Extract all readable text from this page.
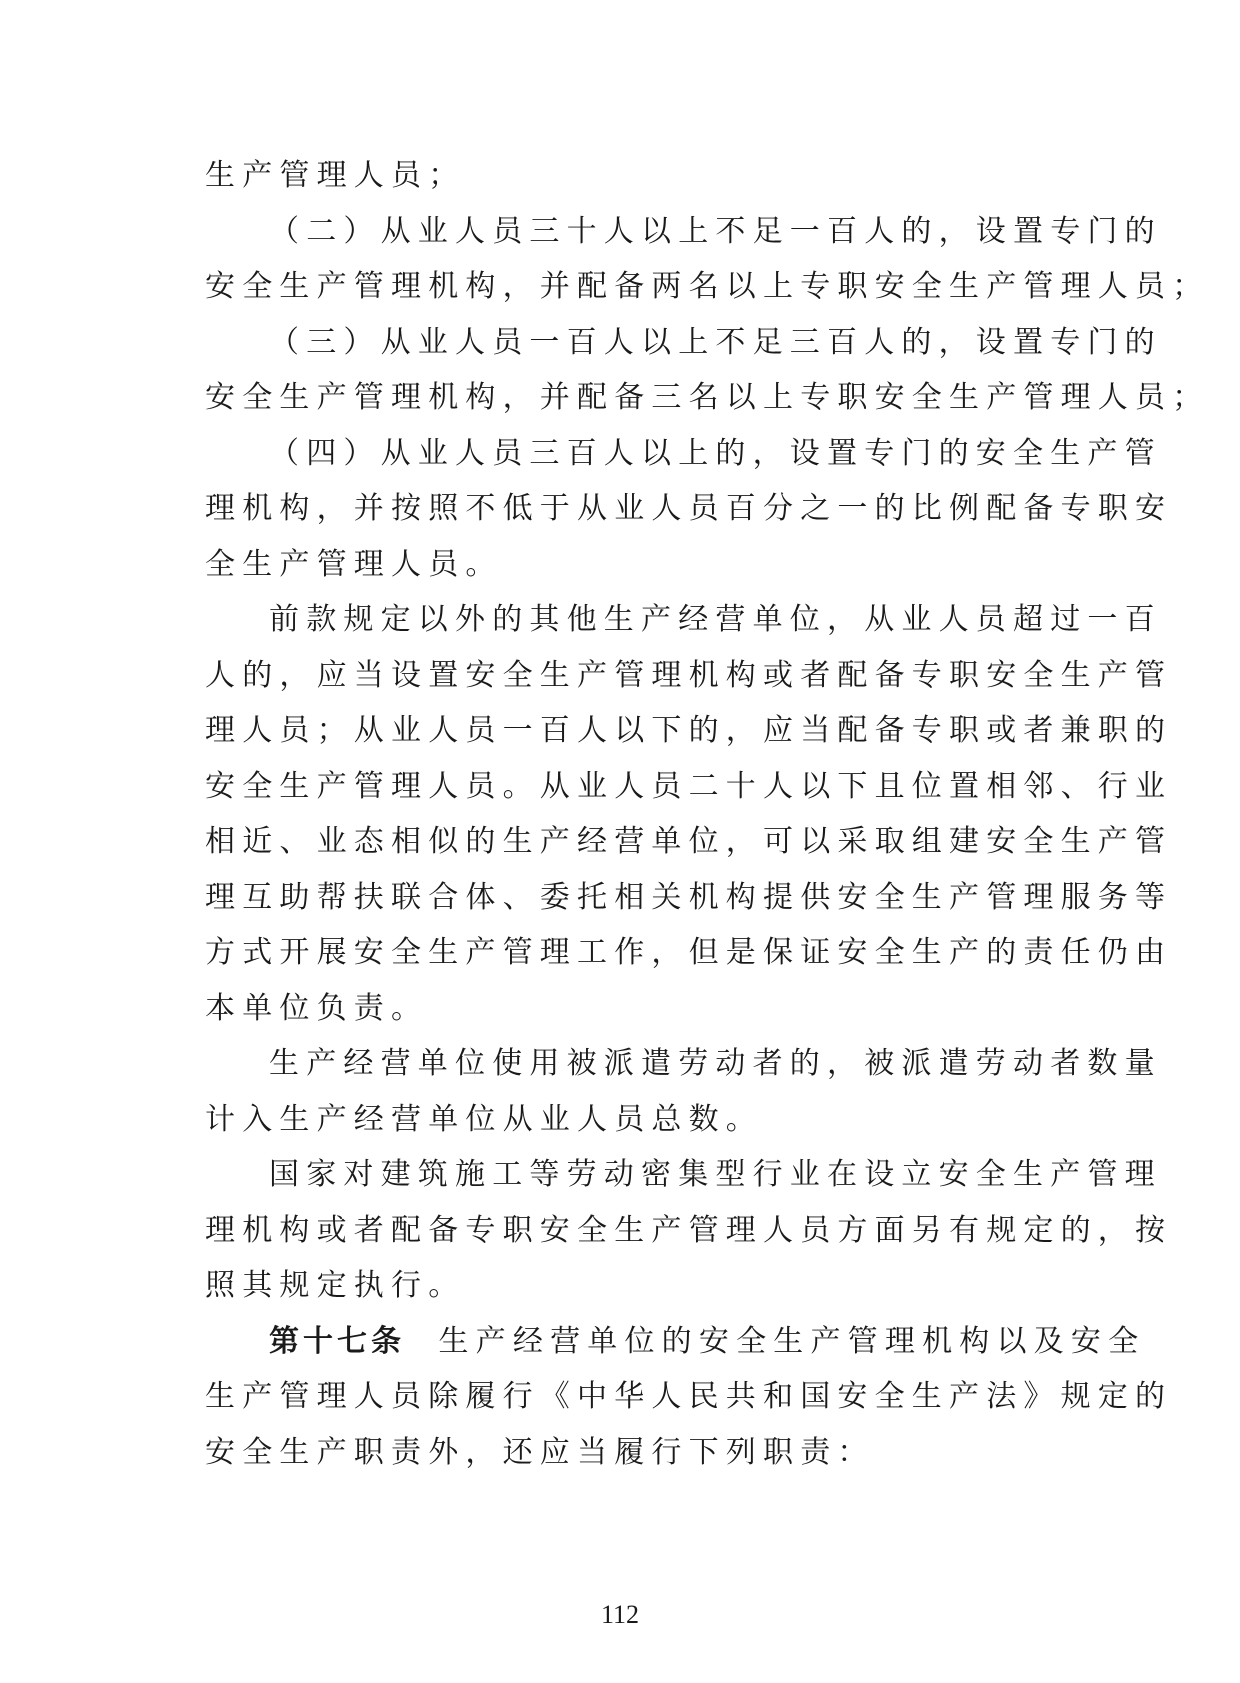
生产管理人员；
（二）从业人员三十人以上不足一百人的，设置专门的
安全生产管理机构，并配备两名以上专职安全生产管理人员；
（三）从业人员一百人以上不足三百人的，设置专门的
安全生产管理机构，并配备三名以上专职安全生产管理人员；
（四）从业人员三百人以上的，设置专门的安全生产管
理机构，并按照不低于从业人员百分之一的比例配备专职安
全生产管理人员。
前款规定以外的其他生产经营单位，从业人员超过一百
人的，应当设置安全生产管理机构或者配备专职安全生产管
理人员；从业人员一百人以下的，应当配备专职或者兼职的
安全生产管理人员。从业人员二十人以下且位置相邻、行业
相近、业态相似的生产经营单位，可以采取组建安全生产管
理互助帮扶联合体、委托相关机构提供安全生产管理服务等
方式开展安全生产管理工作，但是保证安全生产的责任仍由
本单位负责。
生产经营单位使用被派遣劳动者的，被派遣劳动者数量
计入生产经营单位从业人员总数。
国家对建筑施工等劳动密集型行业在设立安全生产管理
理机构或者配备专职安全生产管理人员方面另有规定的，按
照其规定执行。
第十七条 生产经营单位的安全生产管理机构以及安全
生产管理人员除履行《中华人民共和国安全生产法》规定的
安全生产职责外，还应当履行下列职责：
112
